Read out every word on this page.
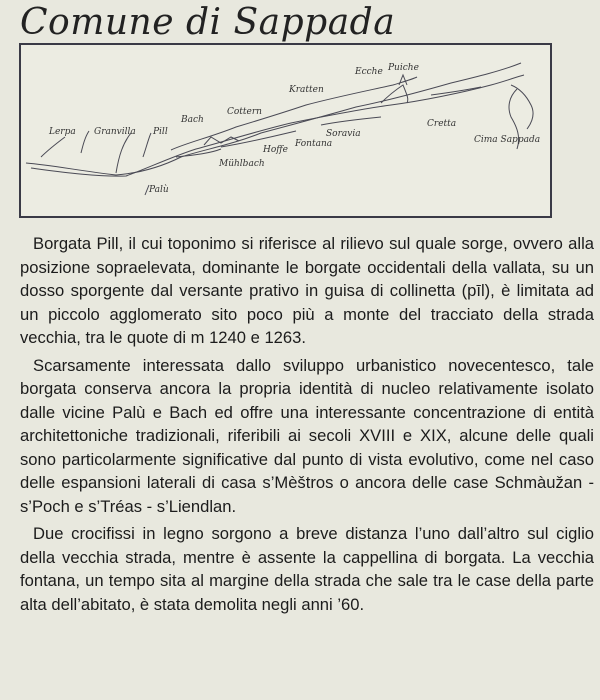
Comune di Sappada
Lerpa Granvilla Pill
Bach
Cottern
Kratten
Ecche Puiche
Palù
Mühlbach
Hoffe
Fontana
Soravia
Cretta
Cima Sappada

Borgata Pill, il cui toponimo si riferisce al rilievo sul quale sorge, ovvero alla posizione sopraelevata, dominante le borgate occidentali della vallata, su un dosso sporgente dal versante prativo in guisa di collinetta (pīl), è limitata ad un piccolo agglomerato sito poco più a monte del tracciato della strada vecchia, tra le quote di m 1240 e 1263.

Scarsamente interessata dallo sviluppo urbanistico novecentesco, tale borgata conserva ancora la propria identità di nucleo relativamente isolato dalle vicine Palù e Bach ed offre una interessante concentrazione di entità architettoniche tradizionali, riferibili ai secoli XVIII e XIX, alcune delle quali sono particolarmente significative dal punto di vista evolutivo, come nel caso delle espansioni laterali di casa s’Mèštros o ancora delle case Schmàužan - s’Poch e s’Tréas - s’Liendlan.

Due crocifissi in legno sorgono a breve distanza l’uno dall’altro sul ciglio della vecchia strada, mentre è assente la cappellina di borgata. La vecchia fontana, un tempo sita al margine della strada che sale tra le case della parte alta dell’abitato, è stata demolita negli anni ’60.
